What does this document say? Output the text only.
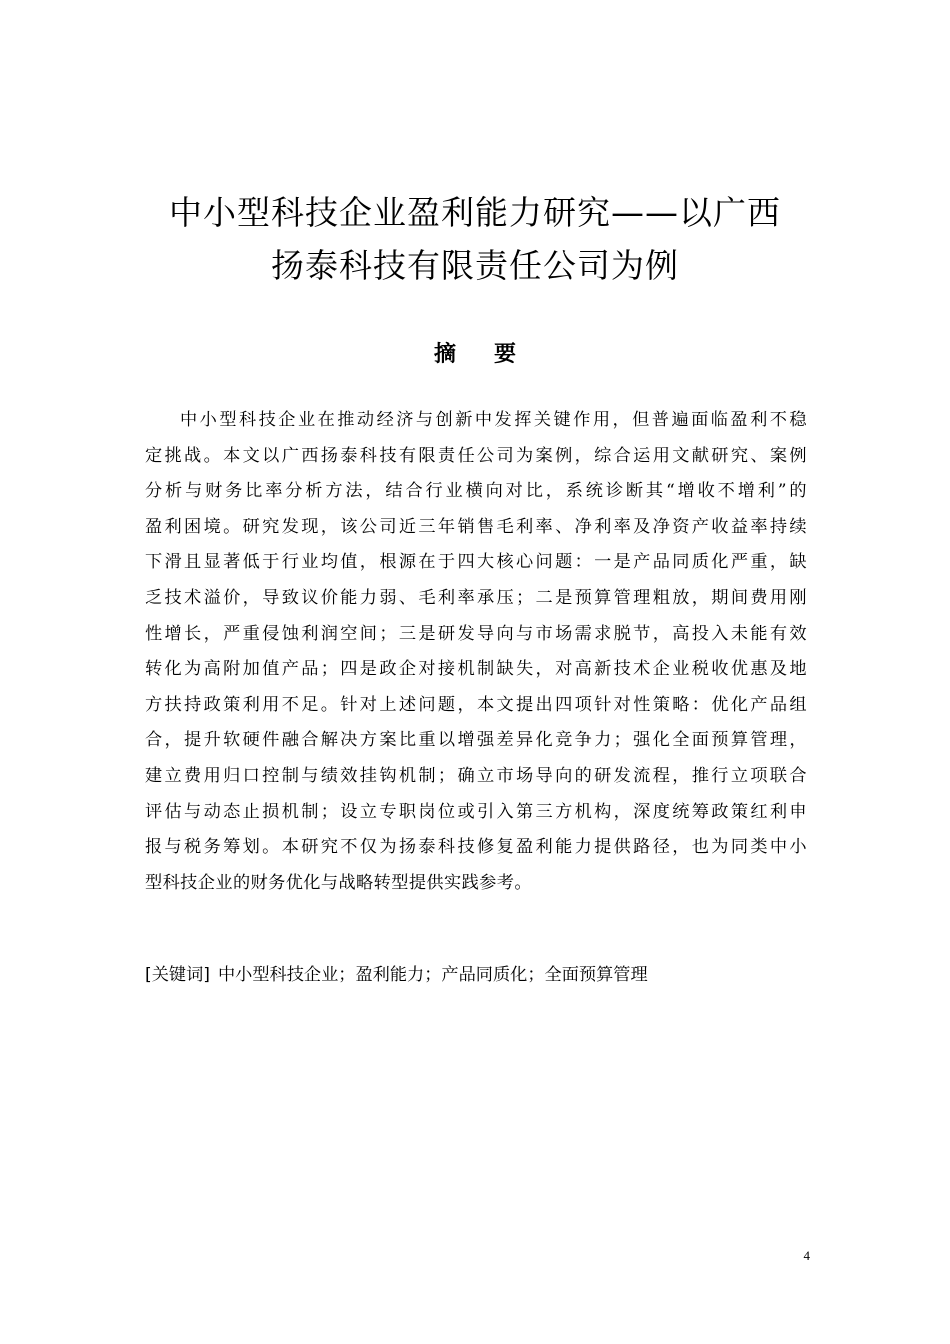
中小型科技企业盈利能力研究——以广西
扬泰科技有限责任公司为例
摘 要
中小型科技企业在推动经济与创新中发挥关键作用，但普遍面临盈利不稳
定挑战。本文以广西扬泰科技有限责任公司为案例，综合运用文献研究、案例
分析与财务比率分析方法，结合行业横向对比，系统诊断其“增收不增利”的
盈利困境。研究发现，该公司近三年销售毛利率、净利率及净资产收益率持续
下滑且显著低于行业均值，根源在于四大核心问题：一是产品同质化严重，缺
乏技术溢价，导致议价能力弱、毛利率承压；二是预算管理粗放，期间费用刚
性增长，严重侵蚀利润空间；三是研发导向与市场需求脱节，高投入未能有效
转化为高附加值产品；四是政企对接机制缺失，对高新技术企业税收优惠及地
方扶持政策利用不足。针对上述问题，本文提出四项针对性策略：优化产品组
合，提升软硬件融合解决方案比重以增强差异化竞争力；强化全面预算管理，
建立费用归口控制与绩效挂钩机制；确立市场导向的研发流程，推行立项联合
评估与动态止损机制；设立专职岗位或引入第三方机构，深度统筹政策红利申
报与税务筹划。本研究不仅为扬泰科技修复盈利能力提供路径，也为同类中小
型科技企业的财务优化与战略转型提供实践参考。
[关键词] 中小型科技企业；盈利能力；产品同质化；全面预算管理
4
